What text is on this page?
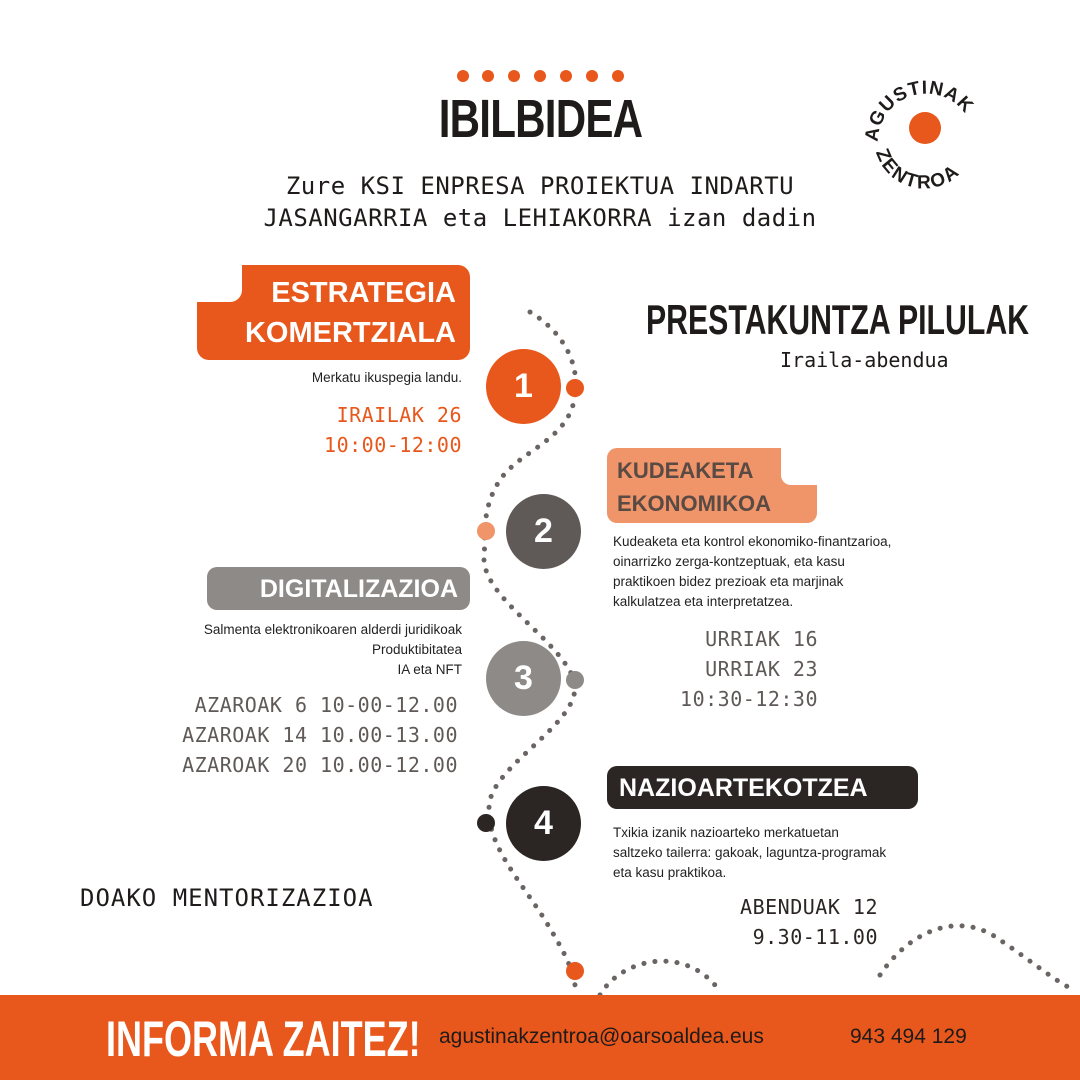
IBILBIDEA
Zure KSI ENPRESA PROIEKTUA INDARTU
JASANGARRIA eta LEHIAKORRA izan dadin
AGUSTINAK
ZENTROA
PRESTAKUNTZA PILULAK
Iraila-abendua
ESTRATEGIA
KOMERTZIALA
Merkatu ikuspegia landu.
IRAILAK 26
10:00-12:00
1
KUDEAKETA
EKONOMIKOA
Kudeaketa eta kontrol ekonomiko-finantzarioa,
oinarrizko zerga-kontzeptuak, eta kasu
praktikoen bidez prezioak eta marjinak
kalkulatzea eta interpretatzea.
URRIAK 16
URRIAK 23
10:30-12:30
2
DIGITALIZAZIOA
Salmenta elektronikoaren alderdi juridikoak
Produktibitatea
IA eta NFT
AZAROAK 6 10-00-12.00
AZAROAK 14 10.00-13.00
AZAROAK 20 10.00-12.00
3
NAZIOARTEKOTZEA
Txikia izanik nazioarteko merkatuetan
saltzeko tailerra: gakoak, laguntza-programak
eta kasu praktikoa.
ABENDUAK 12
9.30-11.00
4
DOAKO MENTORIZAZIOA
INFORMA ZAITEZ! agustinakzentroa@oarsoaldea.eus	943 494 129
